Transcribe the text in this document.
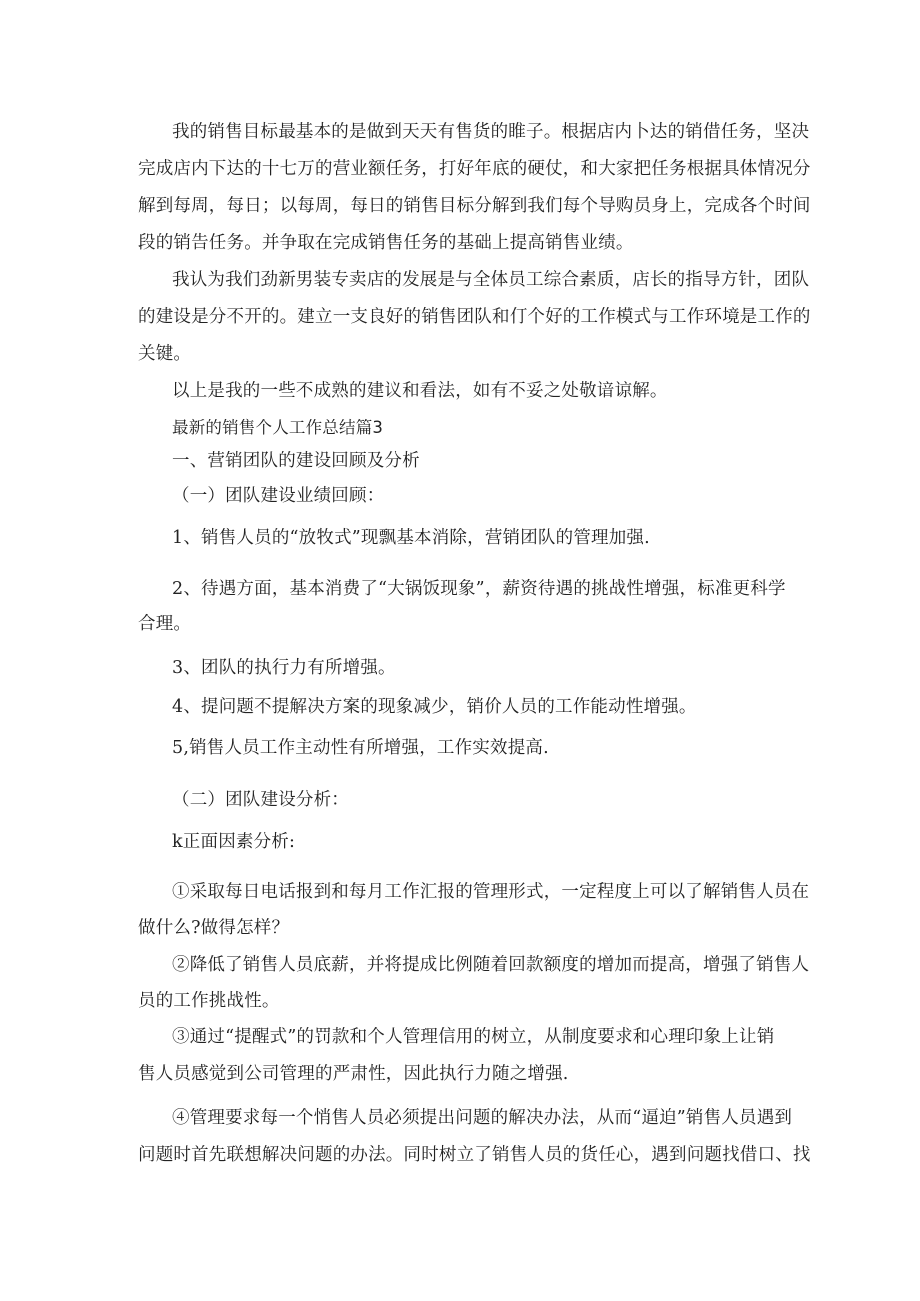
我的销售目标最基本的是做到天天有售货的睢子。根据店内卜达的销借任务，坚决
完成店内下达的十七万的营业额任务，打好年底的硬仗，和大家把任务根据具体情况分
解到每周，每日；以每周，每日的销售目标分解到我们每个导购员身上，完成各个时间
段的销告任务。并争取在完成销售任务的基础上提高销售业绩。
我认为我们劲新男装专卖店的发展是与全体员工综合素质，店长的指导方针，团队
的建设是分不开的。建立一支良好的销售团队和仃个好的工作模式与工作环境是工作的
关键。
以上是我的一些不成熟的建议和看法，如有不妥之处敬谙谅解。
最新的销售个人工作总结篇3
一、营销团队的建设回顾及分析
（一）团队建设业绩回顾：
1、销售人员的“放牧式”现飘基本消除，营销团队的管理加强.
2、待遇方面，基本消费了“大锅饭现象”，薪资待遇的挑战性增强，标准更科学
合理。
3、团队的执行力有所增强。
4、提问题不提解决方案的现象减少，销价人员的工作能动性增强。
5,销售人员工作主动性有所增强，工作实效提高.
（二）团队建设分析：
k正面因素分析:
①采取每日电话报到和每月工作汇报的管理形式，一定程度上可以了解销售人员在
做什么?做得怎样？
②降低了销售人员底薪，并将提成比例随着回款额度的增加而提高，增强了销售人
员的工作挑战性。
③通过“提醒式”的罚款和个人管理信用的树立，从制度要求和心理印象上让销
售人员感觉到公司管理的严肃性，因此执行力随之增强.
④管理要求每一个悄售人员必须提出问题的解决办法，从而“逼迫”销售人员遇到
问题时首先联想解决问题的办法。同时树立了销售人员的货任心，遇到问题找借口、找
